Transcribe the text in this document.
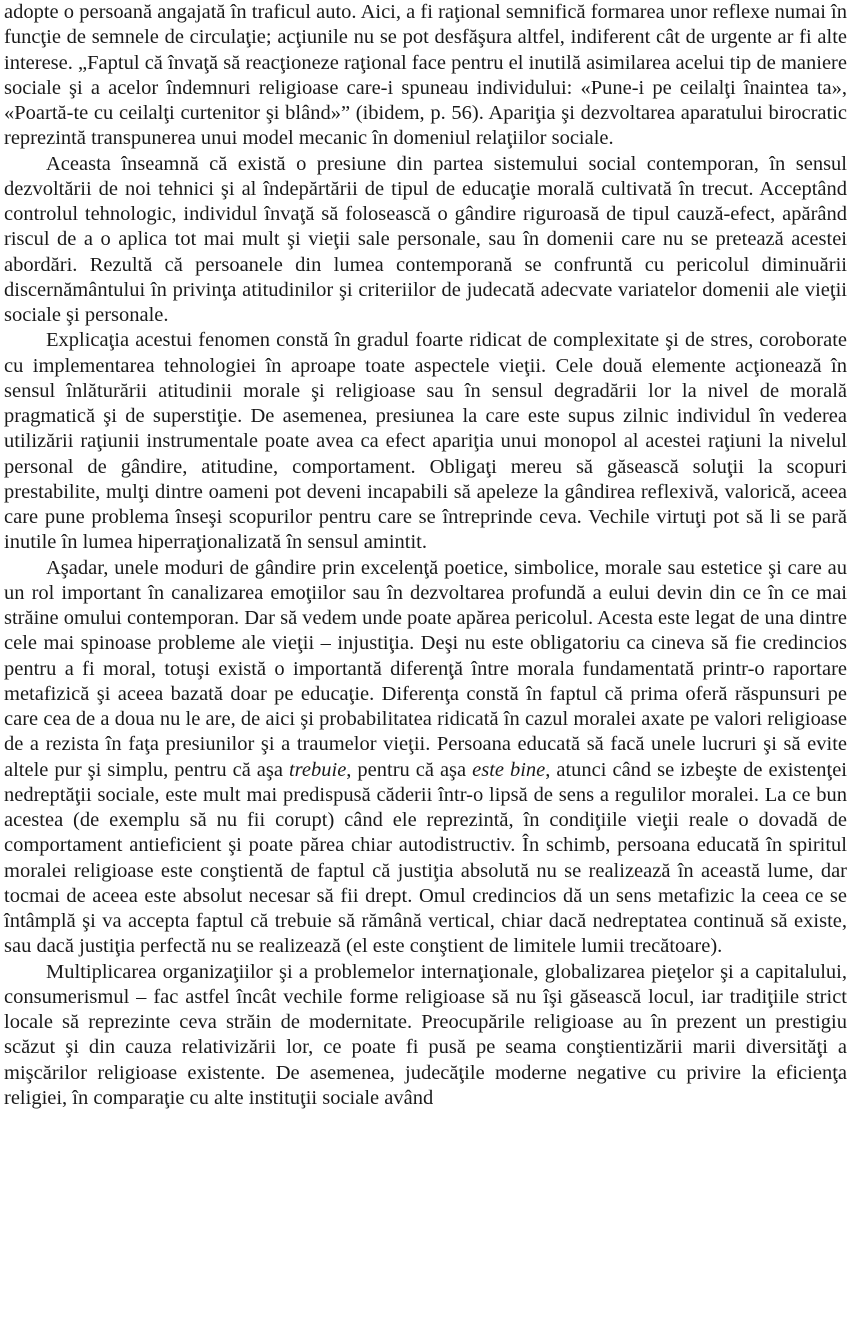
adopte o persoană angajată în traficul auto. Aici, a fi raţional semnifică formarea unor reflexe numai în funcţie de semnele de circulaţie; acţiunile nu se pot desfăşura altfel, indiferent cât de urgente ar fi alte interese. „Faptul că învaţă să reacţioneze raţional face pentru el inutilă asimilarea acelui tip de maniere sociale şi a acelor îndemnuri religioase care-i spuneau individului: «Pune-i pe ceilalţi înaintea ta», «Poartă-te cu ceilalţi curtenitor şi blând»” (ibidem, p. 56). Apariţia şi dezvoltarea aparatului birocratic reprezintă transpunerea unui model mecanic în domeniul relaţiilor sociale.

Aceasta înseamnă că există o presiune din partea sistemului social contemporan, în sensul dezvoltării de noi tehnici şi al îndepărtării de tipul de educaţie morală cultivată în trecut. Acceptând controlul tehnologic, individul învaţă să folosească o gândire riguroasă de tipul cauză-efect, apărând riscul de a o aplica tot mai mult şi vieţii sale personale, sau în domenii care nu se pretează acestei abordări. Rezultă că persoanele din lumea contemporană se confruntă cu pericolul diminuării discernământului în privinţa atitudinilor şi criteriilor de judecată adecvate variatelor domenii ale vieţii sociale şi personale.

Explicaţia acestui fenomen constă în gradul foarte ridicat de complexitate şi de stres, coroborate cu implementarea tehnologiei în aproape toate aspectele vieţii. Cele două elemente acţionează în sensul înlăturării atitudinii morale şi religioase sau în sensul degradării lor la nivel de morală pragmatică şi de superstiţie. De asemenea, presiunea la care este supus zilnic individul în vederea utilizării raţiunii instrumentale poate avea ca efect apariţia unui monopol al acestei raţiuni la nivelul personal de gândire, atitudine, comportament. Obligaţi mereu să găsească soluţii la scopuri prestabilite, mulţi dintre oameni pot deveni incapabili să apeleze la gândirea reflexivă, valorică, aceea care pune problema înseşi scopurilor pentru care se întreprinde ceva. Vechile virtuţi pot să li se pară inutile în lumea hiperraţionalizată în sensul amintit.

Aşadar, unele moduri de gândire prin excelenţă poetice, simbolice, morale sau estetice şi care au un rol important în canalizarea emoţiilor sau în dezvoltarea profundă a eului devin din ce în ce mai străine omului contemporan. Dar să vedem unde poate apărea pericolul. Acesta este legat de una dintre cele mai spinoase probleme ale vieţii – injustiţia. Deşi nu este obligatoriu ca cineva să fie credincios pentru a fi moral, totuşi există o importantă diferenţă între morala fundamentată printr-o raportare metafizică şi aceea bazată doar pe educaţie. Diferenţa constă în faptul că prima oferă răspunsuri pe care cea de a doua nu le are, de aici şi probabilitatea ridicată în cazul moralei axate pe valori religioase de a rezista în faţa presiunilor şi a traumelor vieţii. Persoana educată să facă unele lucruri şi să evite altele pur şi simplu, pentru că aşa trebuie, pentru că aşa este bine, atunci când se izbeşte de existenţei nedreptăţii sociale, este mult mai predispusă căderii într-o lipsă de sens a regulilor moralei. La ce bun acestea (de exemplu să nu fii corupt) când ele reprezintă, în condiţiile vieţii reale o dovadă de comportament antieficient şi poate părea chiar autodistructiv. În schimb, persoana educată în spiritul moralei religioase este conştientă de faptul că justiţia absolută nu se realizează în această lume, dar tocmai de aceea este absolut necesar să fii drept. Omul credincios dă un sens metafizic la ceea ce se întâmplă şi va accepta faptul că trebuie să rămână vertical, chiar dacă nedreptatea continuă să existe, sau dacă justiţia perfectă nu se realizează (el este conştient de limitele lumii trecătoare).

Multiplicarea organizaţiilor şi a problemelor internaţionale, globalizarea pieţelor şi a capitalului, consumerismul – fac astfel încât vechile forme religioase să nu îşi găsească locul, iar tradiţiile strict locale să reprezinte ceva străin de modernitate. Preocupările religioase au în prezent un prestigiu scăzut şi din cauza relativizării lor, ce poate fi pusă pe seama conştientizării marii diversităţi a mişcărilor religioase existente. De asemenea, judecăţile moderne negative cu privire la eficienţa religiei, în comparaţie cu alte instituţii sociale având
